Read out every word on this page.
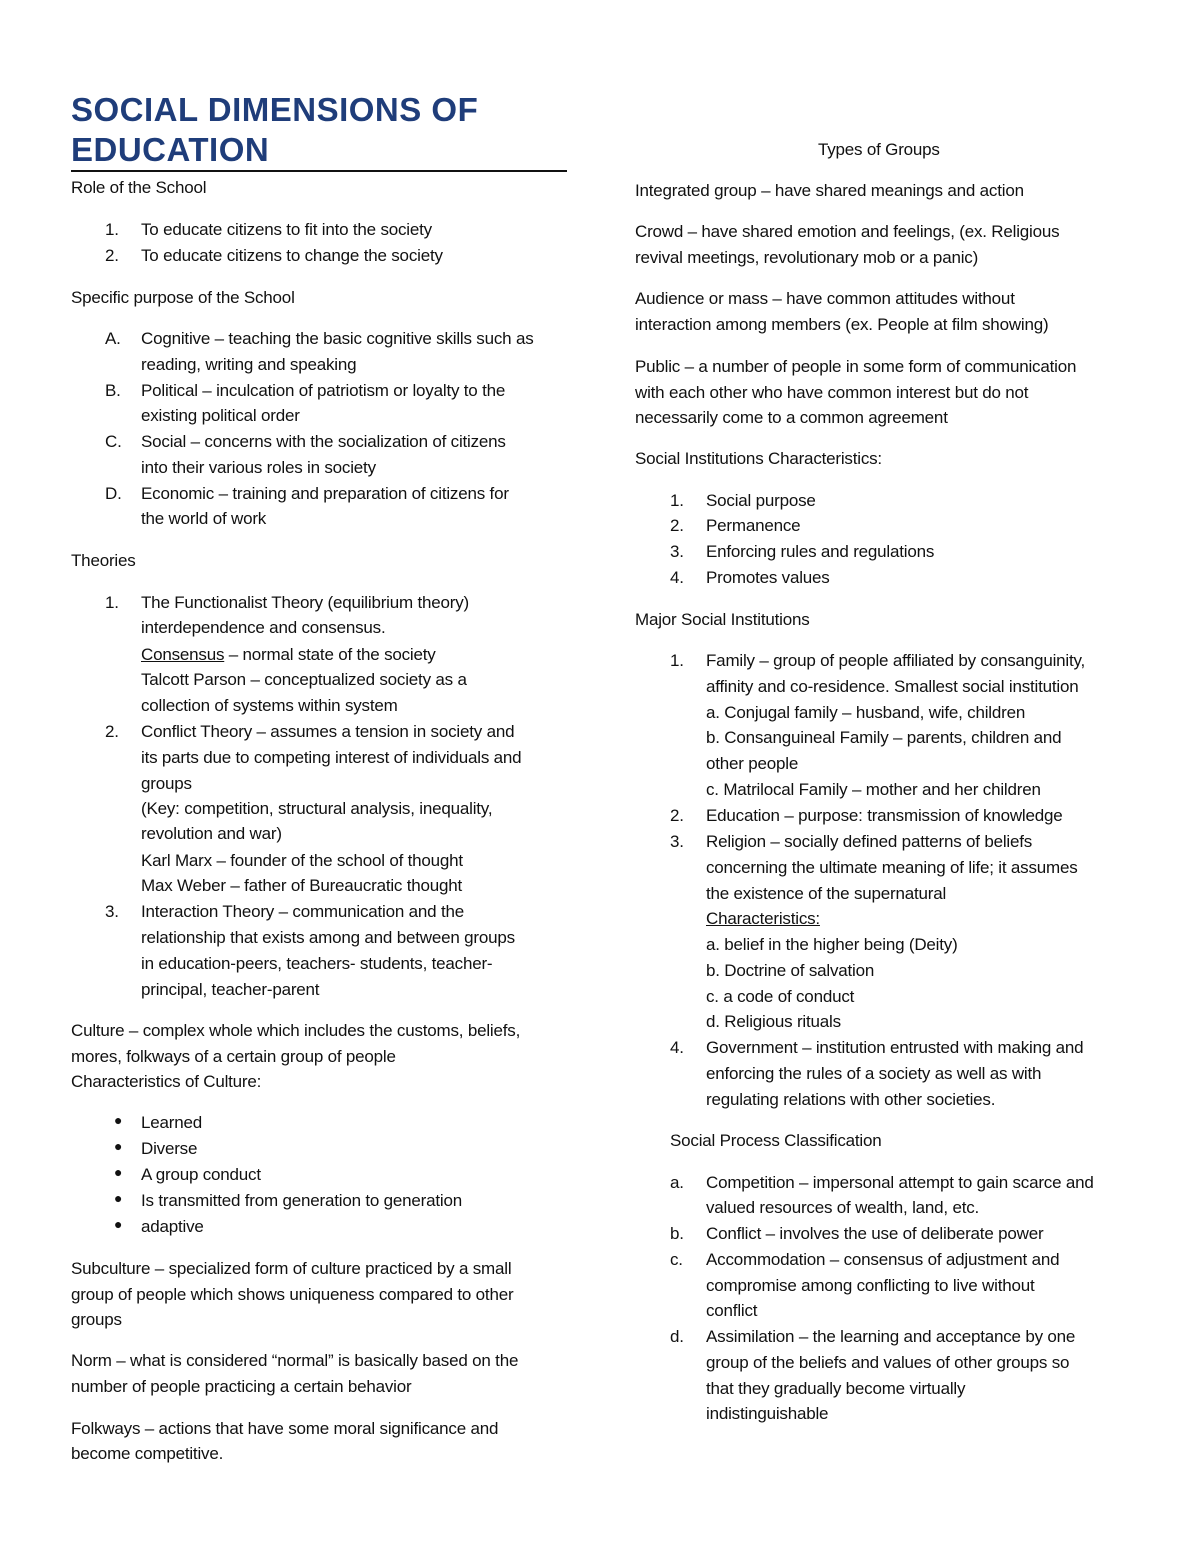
SOCIAL DIMENSIONS OF
EDUCATION
Role of the School
1. To educate citizens to fit into the society
2. To educate citizens to change the society
Specific purpose of the School
A. Cognitive – teaching the basic cognitive skills such as
reading, writing and speaking
B. Political – inculcation of patriotism or loyalty to the
existing political order
C. Social – concerns with the socialization of citizens
into their various roles in society
D. Economic – training and preparation of citizens for
the world of work
Theories
1. The Functionalist Theory (equilibrium theory)
interdependence and consensus.
Consensus – normal state of the society
Talcott Parson – conceptualized society as a
collection of systems within system
2. Conflict Theory – assumes a tension in society and
its parts due to competing interest of individuals and
groups
(Key: competition, structural analysis, inequality,
revolution and war)
Karl Marx – founder of the school of thought
Max Weber – father of Bureaucratic thought
3. Interaction Theory – communication and the
relationship that exists among and between groups
in education-peers, teachers- students, teacher-
principal, teacher-parent
Culture – complex whole which includes the customs, beliefs,
mores, folkways of a certain group of people
Characteristics of Culture:
● Learned
● Diverse
● A group conduct
● Is transmitted from generation to generation
● adaptive
Subculture – specialized form of culture practiced by a small
group of people which shows uniqueness compared to other
groups
Norm – what is considered “normal” is basically based on the
number of people practicing a certain behavior
Folkways – actions that have some moral significance and
become competitive.
Types of Groups
Integrated group – have shared meanings and action
Crowd – have shared emotion and feelings, (ex. Religious
revival meetings, revolutionary mob or a panic)
Audience or mass – have common attitudes without
interaction among members (ex. People at film showing)
Public – a number of people in some form of communication
with each other who have common interest but do not
necessarily come to a common agreement
Social Institutions Characteristics:
1. Social purpose
2. Permanence
3. Enforcing rules and regulations
4. Promotes values
Major Social Institutions
1. Family – group of people affiliated by consanguinity,
affinity and co-residence. Smallest social institution
a. Conjugal family – husband, wife, children
b. Consanguineal Family – parents, children and
other people
c. Matrilocal Family – mother and her children
2. Education – purpose: transmission of knowledge
3. Religion – socially defined patterns of beliefs
concerning the ultimate meaning of life; it assumes
the existence of the supernatural
Characteristics:
a. belief in the higher being (Deity)
b. Doctrine of salvation
c. a code of conduct
d. Religious rituals
4. Government – institution entrusted with making and
enforcing the rules of a society as well as with
regulating relations with other societies.
Social Process Classification
a. Competition – impersonal attempt to gain scarce and
valued resources of wealth, land, etc.
b. Conflict – involves the use of deliberate power
c. Accommodation – consensus of adjustment and
compromise among conflicting to live without
conflict
d. Assimilation – the learning and acceptance by one
group of the beliefs and values of other groups so
that they gradually become virtually
indistinguishable
